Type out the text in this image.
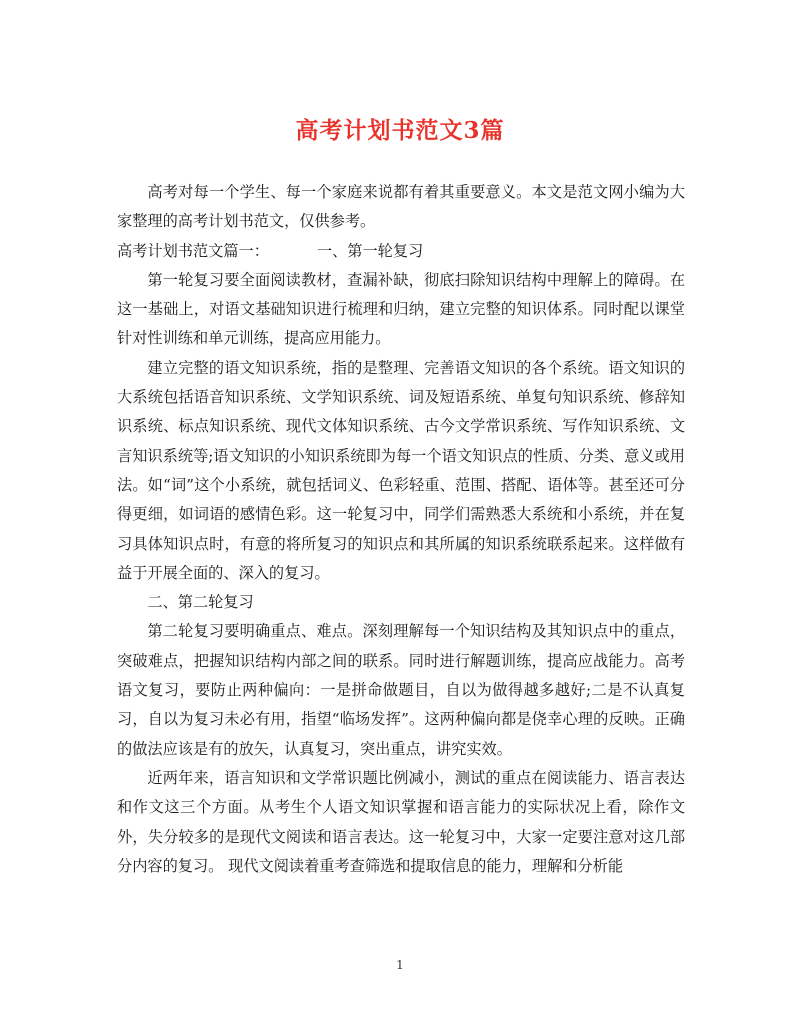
高考计划书范文3篇

高考对每一个学生、每一个家庭来说都有着其重要意义。本文是范文网小编为大家整理的高考计划书范文，仅供参考。

高考计划书范文篇一：	一、第一轮复习

第一轮复习要全面阅读教材，查漏补缺，彻底扫除知识结构中理解上的障碍。在这一基础上，对语文基础知识进行梳理和归纳，建立完整的知识体系。同时配以课堂针对性训练和单元训练，提高应用能力。

建立完整的语文知识系统，指的是整理、完善语文知识的各个系统。语文知识的大系统包括语音知识系统、文学知识系统、词及短语系统、单复句知识系统、修辞知识系统、标点知识系统、现代文体知识系统、古今文学常识系统、写作知识系统、文言知识系统等;语文知识的小知识系统即为每一个语文知识点的性质、分类、意义或用法。如“词”这个小系统，就包括词义、色彩轻重、范围、搭配、语体等。甚至还可分得更细，如词语的感情色彩。这一轮复习中，同学们需熟悉大系统和小系统，并在复习具体知识点时，有意的将所复习的知识点和其所属的知识系统联系起来。这样做有益于开展全面的、深入的复习。

二、第二轮复习

第二轮复习要明确重点、难点。深刻理解每一个知识结构及其知识点中的重点，突破难点，把握知识结构内部之间的联系。同时进行解题训练，提高应战能力。高考语文复习，要防止两种偏向：一是拼命做题目，自以为做得越多越好;二是不认真复习，自以为复习未必有用，指望“临场发挥”。这两种偏向都是侥幸心理的反映。正确的做法应该是有的放矢，认真复习，突出重点，讲究实效。

近两年来，语言知识和文学常识题比例减小，测试的重点在阅读能力、语言表达和作文这三个方面。从考生个人语文知识掌握和语言能力的实际状况上看，除作文外，失分较多的是现代文阅读和语言表达。这一轮复习中，大家一定要注意对这几部分内容的复习。 现代文阅读着重考查筛选和提取信息的能力，理解和分析能

1
